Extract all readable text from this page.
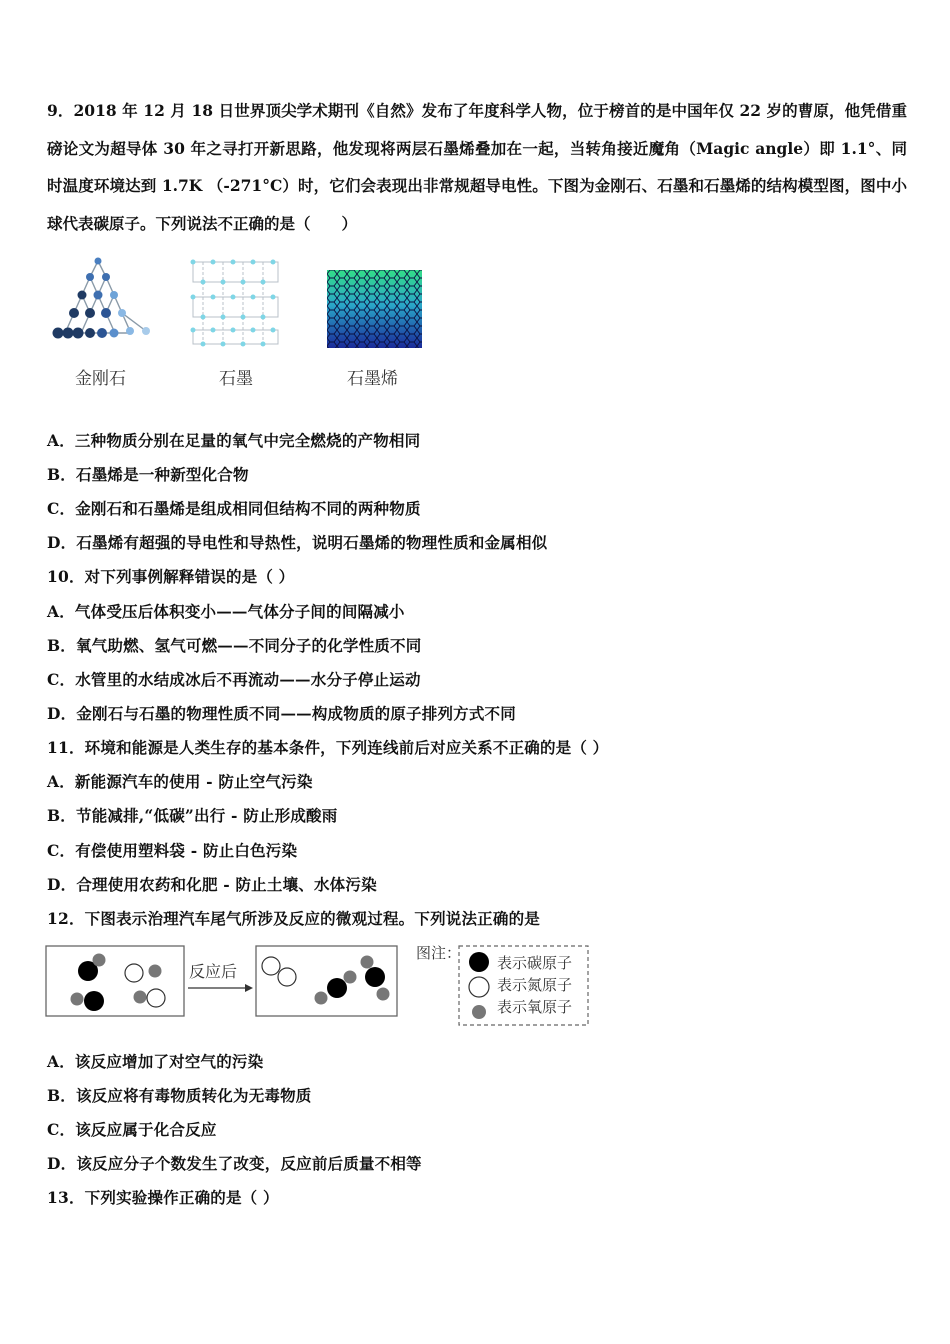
9．2018 年 12 月 18 日世界顶尖学术期刊《自然》发布了年度科学人物，位于榜首的是中国年仅 22 岁的曹原，他凭借重磅论文为超导体 30 年之寻打开新思路，他发现将两层石墨烯叠加在一起，当转角接近魔角（Magic angle）即 1.1°、同时温度环境达到 1.7K （-271°C）时，它们会表现出非常规超导电性。下图为金刚石、石墨和石墨烯的结构模型图，图中小球代表碳原子。下列说法不正确的是（　　）
金刚石	石墨	石墨烯
A．三种物质分别在足量的氧气中完全燃烧的产物相同
B．石墨烯是一种新型化合物
C．金刚石和石墨烯是组成相同但结构不同的两种物质
D．石墨烯有超强的导电性和导热性，说明石墨烯的物理性质和金属相似
10．对下列事例解释错误的是（ ）
A．气体受压后体积变小——气体分子间的间隔减小
B．氧气助燃、氢气可燃——不同分子的化学性质不同
C．水管里的水结成冰后不再流动——水分子停止运动
D．金刚石与石墨的物理性质不同——构成物质的原子排列方式不同
11．环境和能源是人类生存的基本条件，下列连线前后对应关系不正确的是（ ）
A．新能源汽车的使用 - 防止空气污染
B．节能减排,“低碳”出行 - 防止形成酸雨
C．有偿使用塑料袋 - 防止白色污染
D．合理使用农药和化肥 - 防止土壤、水体污染
12．下图表示治理汽车尾气所涉及反应的微观过程。下列说法正确的是
反应后
图注：
表示碳原子
表示氮原子
表示氧原子
A．该反应增加了对空气的污染
B．该反应将有毒物质转化为无毒物质
C．该反应属于化合反应
D．该反应分子个数发生了改变，反应前后质量不相等
13．下列实验操作正确的是（ ）
